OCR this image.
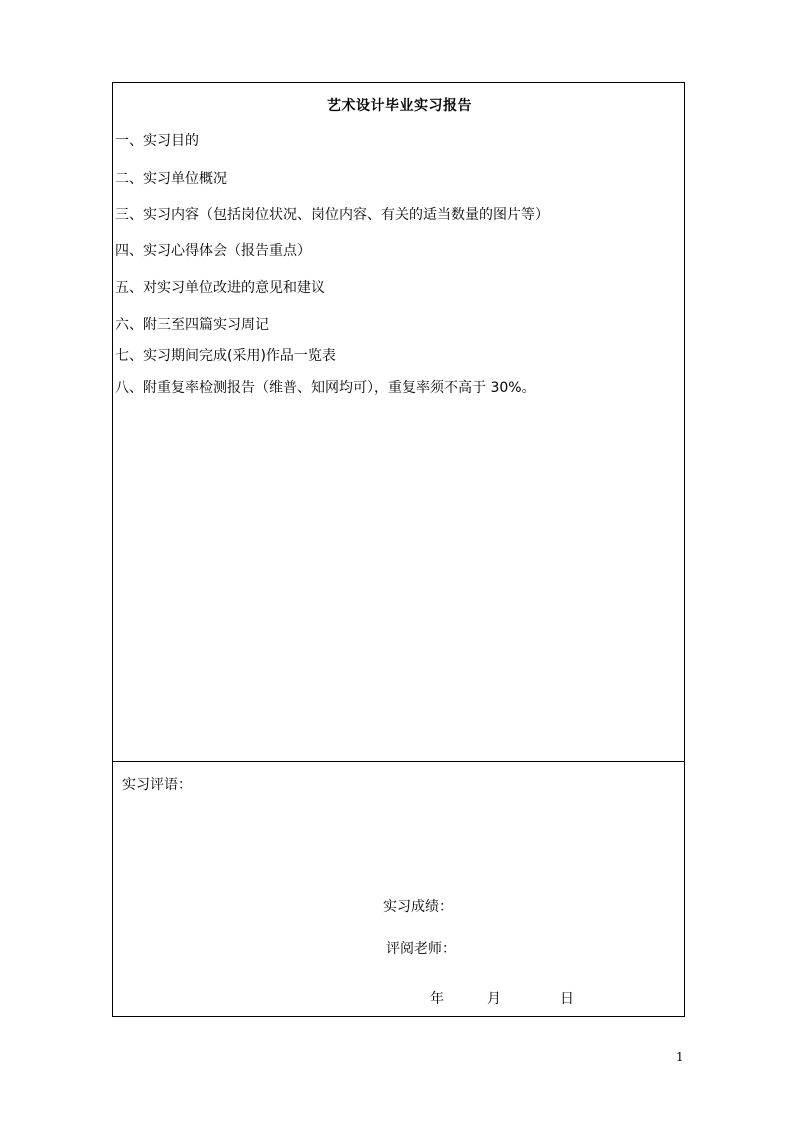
艺术设计毕业实习报告
一、实习目的
二、实习单位概况
三、实习内容（包括岗位状况、岗位内容、有关的适当数量的图片等）
四、实习心得体会（报告重点）
五、对实习单位改进的意见和建议
六、附三至四篇实习周记
七、实习期间完成(采用)作品一览表
八、附重复率检测报告（维普、知网均可），重复率须不高于 30%。
实习评语：
实习成绩：
评阅老师：
年	月	日
1
